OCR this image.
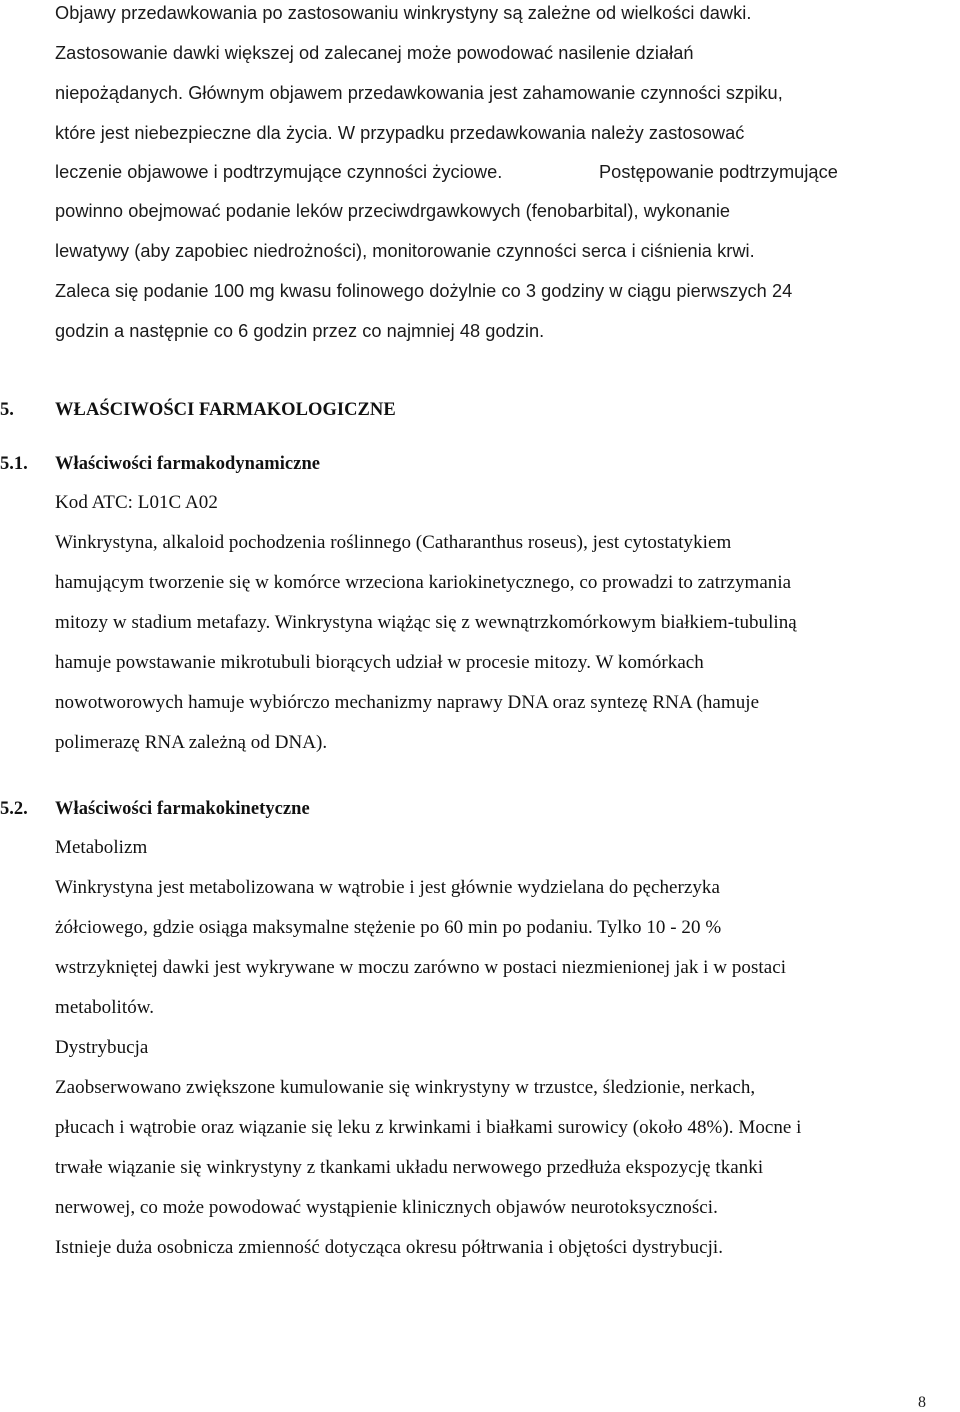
Objawy przedawkowania po zastosowaniu winkrystyny są zależne od wielkości dawki.
Zastosowanie dawki większej od zalecanej może powodować nasilenie działań
niepożądanych. Głównym objawem przedawkowania jest zahamowanie czynności szpiku,
które jest niebezpieczne dla życia. W przypadku przedawkowania należy zastosować
leczenie objawowe i podtrzymujące czynności życiowe.	Postępowanie podtrzymujące
powinno obejmować podanie leków przeciwdrgawkowych (fenobarbital), wykonanie
lewatywy (aby zapobiec niedrożności), monitorowanie czynności serca i ciśnienia krwi.
Zaleca się podanie 100 mg kwasu folinowego dożylnie co 3 godziny w ciągu pierwszych 24
godzin a następnie co 6 godzin przez co najmniej 48 godzin.
5. WŁAŚCIWOŚCI FARMAKOLOGICZNE
5.1. Właściwości farmakodynamiczne
Kod ATC: L01C A02
Winkrystyna, alkaloid pochodzenia roślinnego (Catharanthus roseus), jest cytostatykiem
hamującym tworzenie się w komórce wrzeciona kariokinetycznego, co prowadzi to zatrzymania
mitozy w stadium metafazy. Winkrystyna wiążąc się z wewnątrzkomórkowym białkiem-tubuliną
hamuje powstawanie mikrotubuli biorących udział w procesie mitozy. W komórkach
nowotworowych hamuje wybiórczo mechanizmy naprawy DNA oraz syntezę RNA (hamuje
polimerazę RNA zależną od DNA).
5.2. Właściwości farmakokinetyczne
Metabolizm
Winkrystyna jest metabolizowana w wątrobie i jest głównie wydzielana do pęcherzyka
żółciowego, gdzie osiąga maksymalne stężenie po 60 min po podaniu. Tylko 10 - 20 %
wstrzykniętej dawki jest wykrywane w moczu zarówno w postaci niezmienionej jak i w postaci
metabolitów.
Dystrybucja
Zaobserwowano zwiększone kumulowanie się winkrystyny w trzustce, śledzionie, nerkach,
płucach i wątrobie oraz wiązanie się leku z krwinkami i białkami surowicy (około 48%). Mocne i
trwałe wiązanie się winkrystyny z tkankami układu nerwowego przedłuża ekspozycję tkanki
nerwowej, co może powodować wystąpienie klinicznych objawów neurotoksyczności.
Istnieje duża osobnicza zmienność dotycząca okresu półtrwania i objętości dystrybucji.
8
